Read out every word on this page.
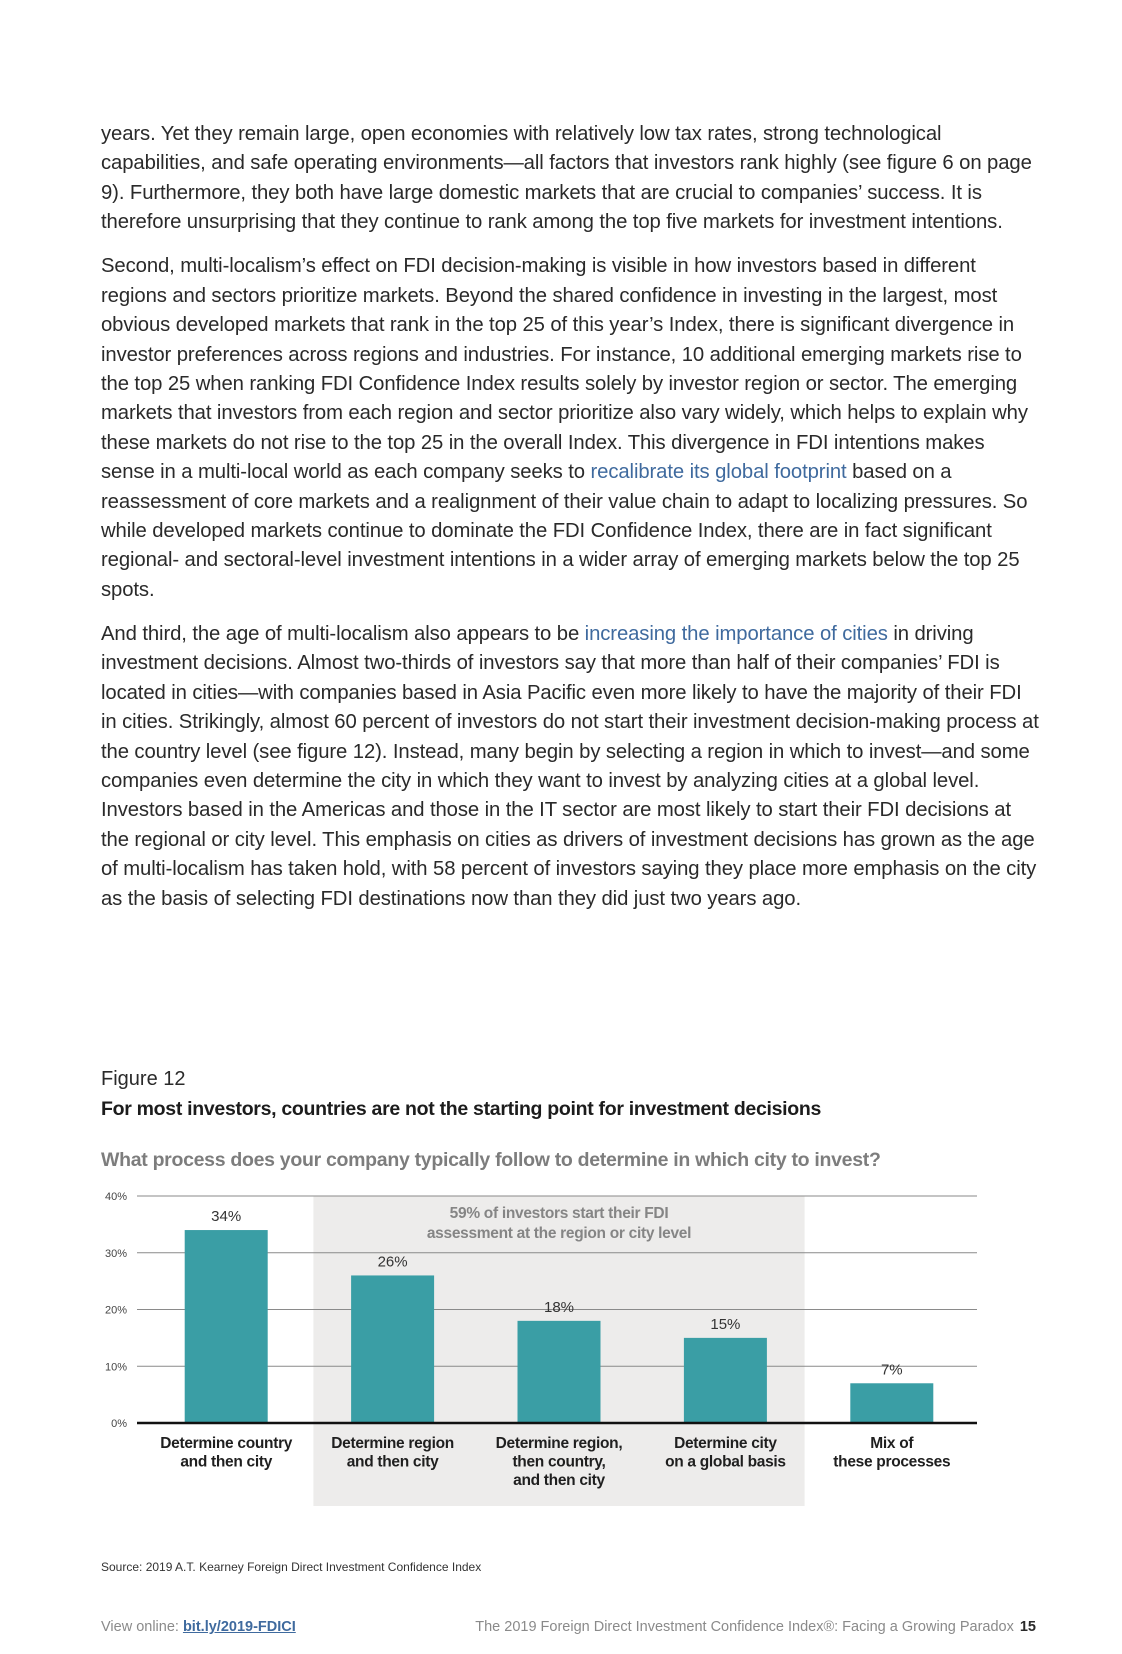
years. Yet they remain large, open economies with relatively low tax rates, strong technological capabilities, and safe operating environments—all factors that investors rank highly (see figure 6 on page 9). Furthermore, they both have large domestic markets that are crucial to companies’ success. It is therefore unsurprising that they continue to rank among the top five markets for investment intentions.

Second, multi-localism’s effect on FDI decision-making is visible in how investors based in different regions and sectors prioritize markets. Beyond the shared confidence in investing in the largest, most obvious developed markets that rank in the top 25 of this year’s Index, there is significant divergence in investor preferences across regions and industries. For instance, 10 additional emerging markets rise to the top 25 when ranking FDI Confidence Index results solely by investor region or sector. The emerging markets that investors from each region and sector prioritize also vary widely, which helps to explain why these markets do not rise to the top 25 in the overall Index. This divergence in FDI intentions makes sense in a multi-local world as each company seeks to recalibrate its global footprint based on a reassessment of core markets and a realignment of their value chain to adapt to localizing pressures. So while developed markets continue to dominate the FDI Confidence Index, there are in fact significant regional- and sectoral-level investment intentions in a wider array of emerging markets below the top 25 spots.

And third, the age of multi-localism also appears to be increasing the importance of cities in driving investment decisions. Almost two-thirds of investors say that more than half of their companies’ FDI is located in cities—with companies based in Asia Pacific even more likely to have the majority of their FDI in cities. Strikingly, almost 60 percent of investors do not start their investment decision-making process at the country level (see figure 12). Instead, many begin by selecting a region in which to invest—and some companies even determine the city in which they want to invest by analyzing cities at a global level. Investors based in the Americas and those in the IT sector are most likely to start their FDI decisions at the regional or city level. This emphasis on cities as drivers of investment decisions has grown as the age of multi-localism has taken hold, with 58 percent of investors saying they place more emphasis on the city as the basis of selecting FDI destinations now than they did just two years ago.

Figure 12
For most investors, countries are not the starting point for investment decisions
What process does your company typically follow to determine in which city to invest?
0%
10%
20%
30%
40%
59% of investors start their FDI
assessment at the region or city level
34%
Determine country
and then city
26%
Determine region
and then city
18%
Determine region,
then country,
and then city
15%
Determine city
on a global basis
7%
Mix of
these processes
Source: 2019 A.T. Kearney Foreign Direct Investment Confidence Index
View online: bit.ly/2019-FDICI	The 2019 Foreign Direct Investment Confidence Index®: Facing a Growing Paradox 15
